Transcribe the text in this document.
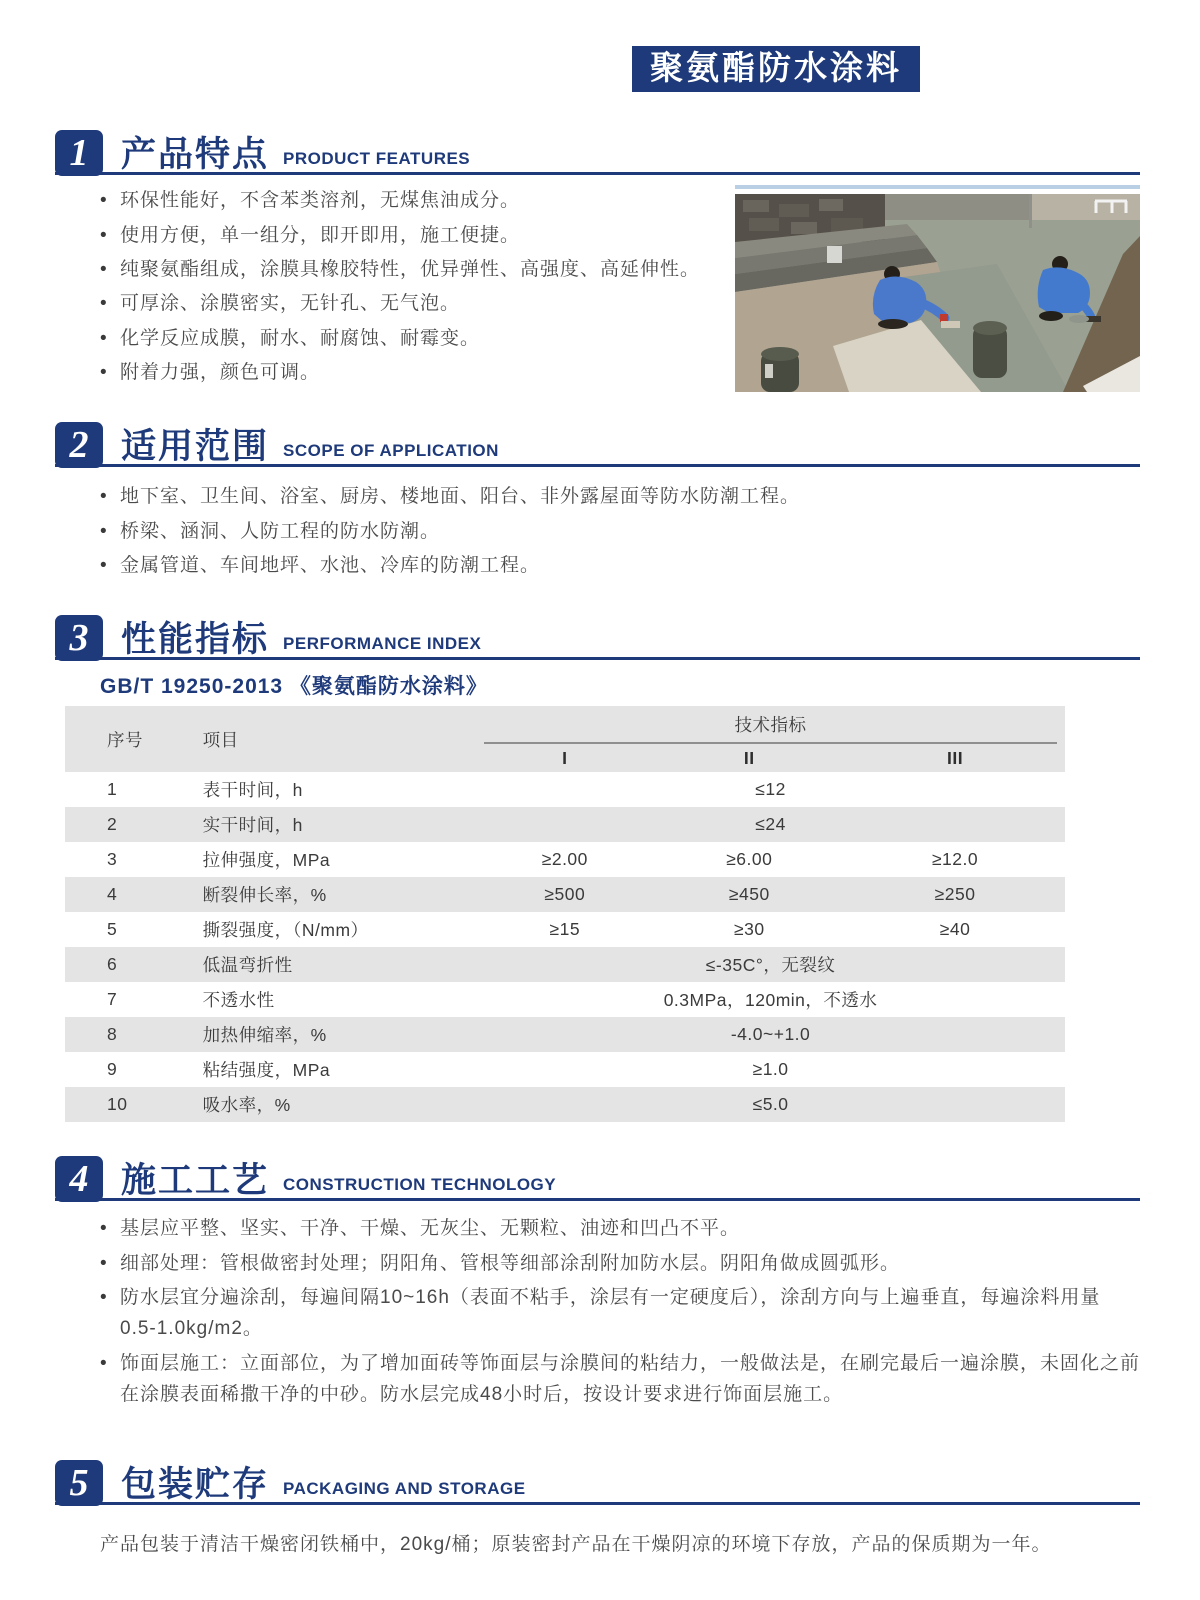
聚氨酯防水涂料
1 产品特点 PRODUCT FEATURES
• 环保性能好，不含苯类溶剂，无煤焦油成分。
• 使用方便，单一组分，即开即用，施工便捷。
• 纯聚氨酯组成，涂膜具橡胶特性，优异弹性、高强度、高延伸性。
• 可厚涂、涂膜密实，无针孔、无气泡。
• 化学反应成膜，耐水、耐腐蚀、耐霉变。
• 附着力强，颜色可调。
2 适用范围 SCOPE OF APPLICATION
• 地下室、卫生间、浴室、厨房、楼地面、阳台、非外露屋面等防水防潮工程。
• 桥梁、涵洞、人防工程的防水防潮。
• 金属管道、车间地坪、水池、冷库的防潮工程。
3 性能指标 PERFORMANCE INDEX
GB/T 19250-2013 《聚氨酯防水涂料》
序号	项目	技术指标		

		I	II	III
1	表干时间，h	≤12		
2	实干时间，h	≤24		
3	拉伸强度，MPa	≥2.00	≥6.00	≥12.0
4	断裂伸长率，%	≥500	≥450	≥250
5	撕裂强度，（N/mm）	≥15	≥30	≥40
6	低温弯折性	≤-35C°，无裂纹		
7	不透水性	0.3MPa，120min，不透水		
8	加热伸缩率，%	-4.0~+1.0		
9	粘结强度，MPa	≥1.0		
10	吸水率，%	≤5.0		
4 施工工艺 CONSTRUCTION TECHNOLOGY
• 基层应平整、坚实、干净、干燥、无灰尘、无颗粒、油迹和凹凸不平。
• 细部处理：管根做密封处理；阴阳角、管根等细部涂刮附加防水层。阴阳角做成圆弧形。
• 防水层宜分遍涂刮，每遍间隔10~16h（表面不粘手，涂层有一定硬度后），涂刮方向与上遍垂直，每遍涂料用量 0.5-1.0kg/m2。
• 饰面层施工：立面部位，为了增加面砖等饰面层与涂膜间的粘结力，一般做法是，在刷完最后一遍涂膜，未固化之前在涂膜表面稀撒干净的中砂。防水层完成48小时后，按设计要求进行饰面层施工。
5 包装贮存 PACKAGING AND STORAGE

产品包装于清洁干燥密闭铁桶中，20kg/桶；原装密封产品在干燥阴凉的环境下存放，产品的保质期为一年。
